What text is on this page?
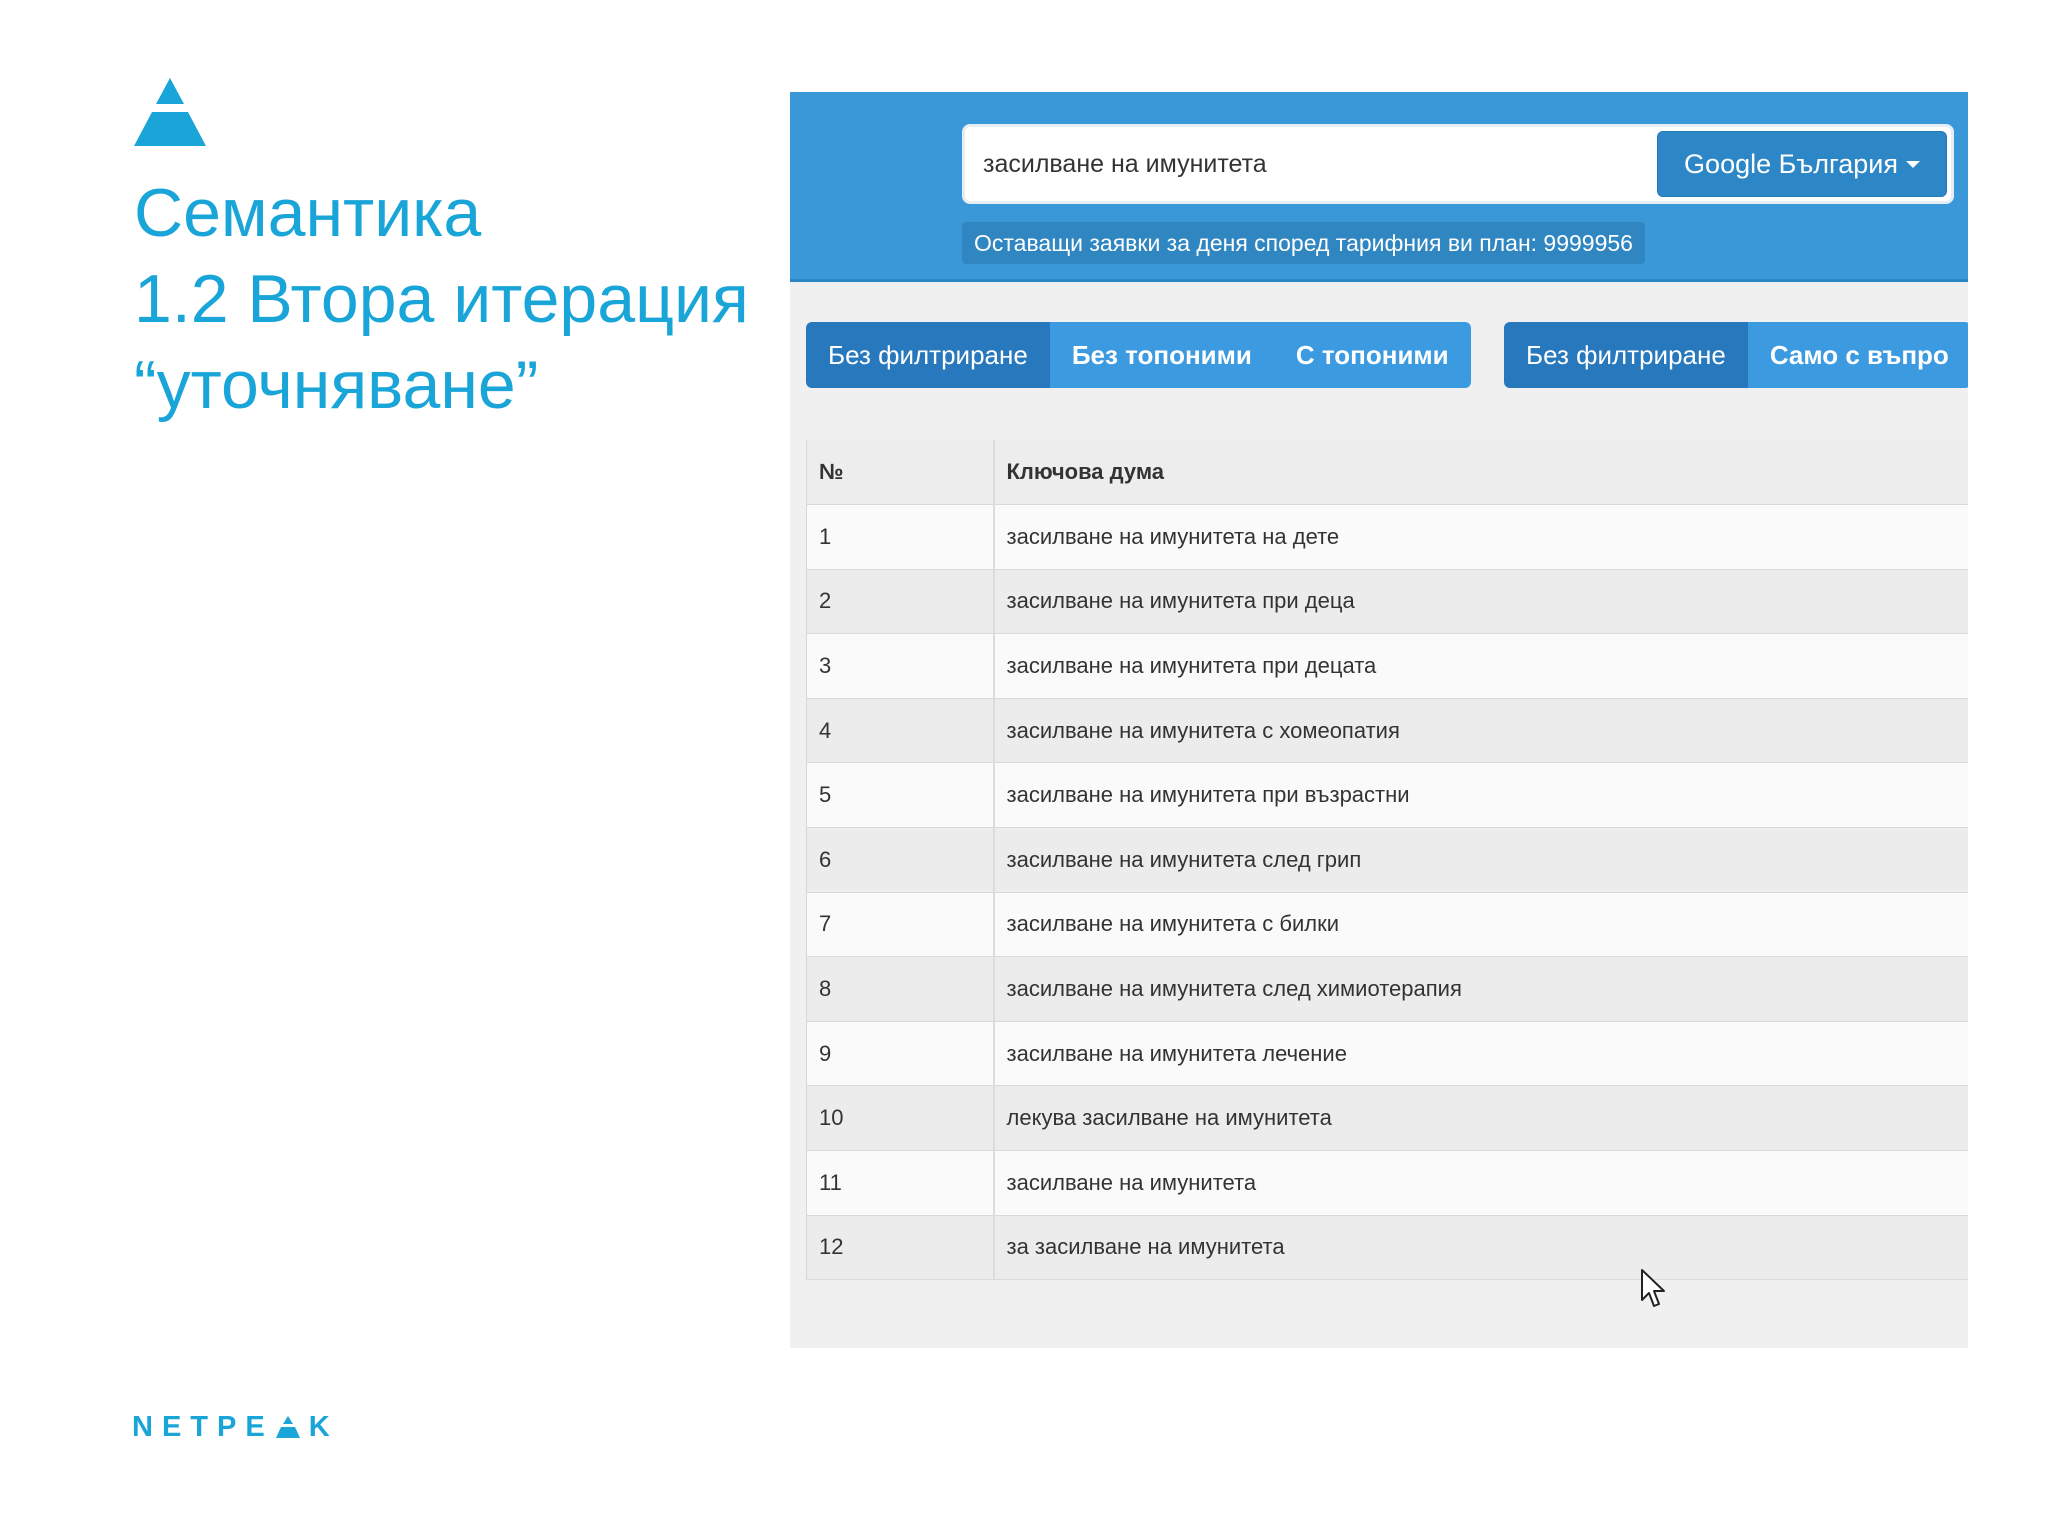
Семантика
1.2 Втора итерация
“уточняване”
NETPE K
засилване на имунитета
Google България
Оставащи заявки за деня според тарифния ви план: 9999956
Без филтриране	Без топоними	С топоними	Без филтриране	Само с въпро
№	Ключова дума
1	засилване на имунитета на дете
2	засилване на имунитета при деца
3	засилване на имунитета при децата
4	засилване на имунитета с хомеопатия
5	засилване на имунитета при възрастни
6	засилване на имунитета след грип
7	засилване на имунитета с билки
8	засилване на имунитета след химиотерапия
9	засилване на имунитета лечение
10	лекува засилване на имунитета
11	засилване на имунитета
12	за засилване на имунитета
